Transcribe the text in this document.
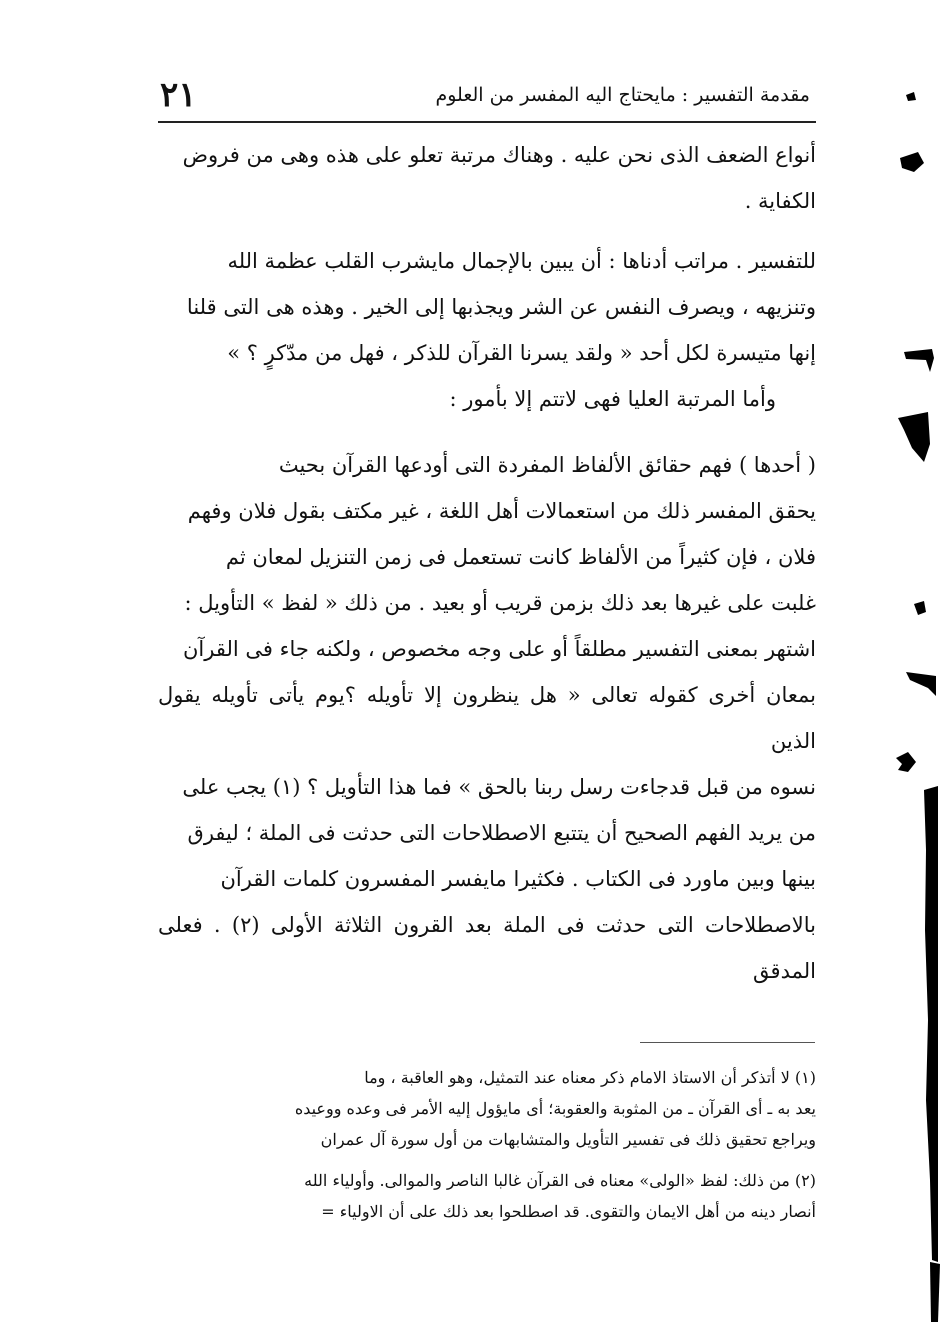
٢١	مقدمة التفسير : مايحتاج اليه المفسر من العلوم

أنواع الضعف الذى نحن عليه . وهناك مرتبة تعلو على هذه وهى من فروض

الكفاية .

للتفسير . مراتب أدناها : أن يبين بالإجمال مايشرب القلب عظمة الله

وتنزيهه ، ويصرف النفس عن الشر ويجذبها إلى الخير . وهذه هى التى قلنا

إنها متيسرة لكل أحد « ولقد يسرنا القرآن للذكر ، فهل من مدّكرٍ ؟ »

وأما المرتبة العليا فهى لاتتم إلا بأمور :

( أحدها ) فهم حقائق الألفاظ المفردة التى أودعها القرآن بحيث

يحقق المفسر ذلك من استعمالات أهل اللغة ، غير مكتف بقول فلان وفهم

فلان ، فإن كثيراً من الألفاظ كانت تستعمل فى زمن التنزيل لمعان ثم

غلبت على غيرها بعد ذلك بزمن قريب أو بعيد . من ذلك « لفظ » التأويل :

اشتهر بمعنى التفسير مطلقاً أو على وجه مخصوص ، ولكنه جاء فى القرآن

بمعان أخرى كقوله تعالى « هل ينظرون إلا تأويله ؟يوم يأتى تأويله يقول الذين

نسوه من قبل قدجاءت رسل ربنا بالحق » فما هذا التأويل ؟ (١) يجب على

من يريد الفهم الصحيح أن يتتبع الاصطلاحات التى حدثت فى الملة ؛ ليفرق

بينها وبين ماورد فى الكتاب . فكثيرا مايفسر المفسرون كلمات القرآن

بالاصطلاحات التى حدثت فى الملة بعد القرون الثلاثة الأولى (٢) . فعلى المدقق

(١) لا أتذكر أن الاستاذ الامام ذكر معناه عند التمثيل، وهو العاقبة ، وما

يعد به ـ أى القرآن ـ من المثوبة والعقوبة؛ أى مايؤول إليه الأمر فى وعده ووعيده

ويراجع تحقيق ذلك فى تفسير التأويل والمتشابهات من أول سورة آل عمران

(٢) من ذلك: لفظ «الولى» معناه فى القرآن غالبا الناصر والموالى. وأولياء الله

أنصار دينه من أهل الايمان والتقوى. قد اصطلحوا بعد ذلك على أن الاولياء =
